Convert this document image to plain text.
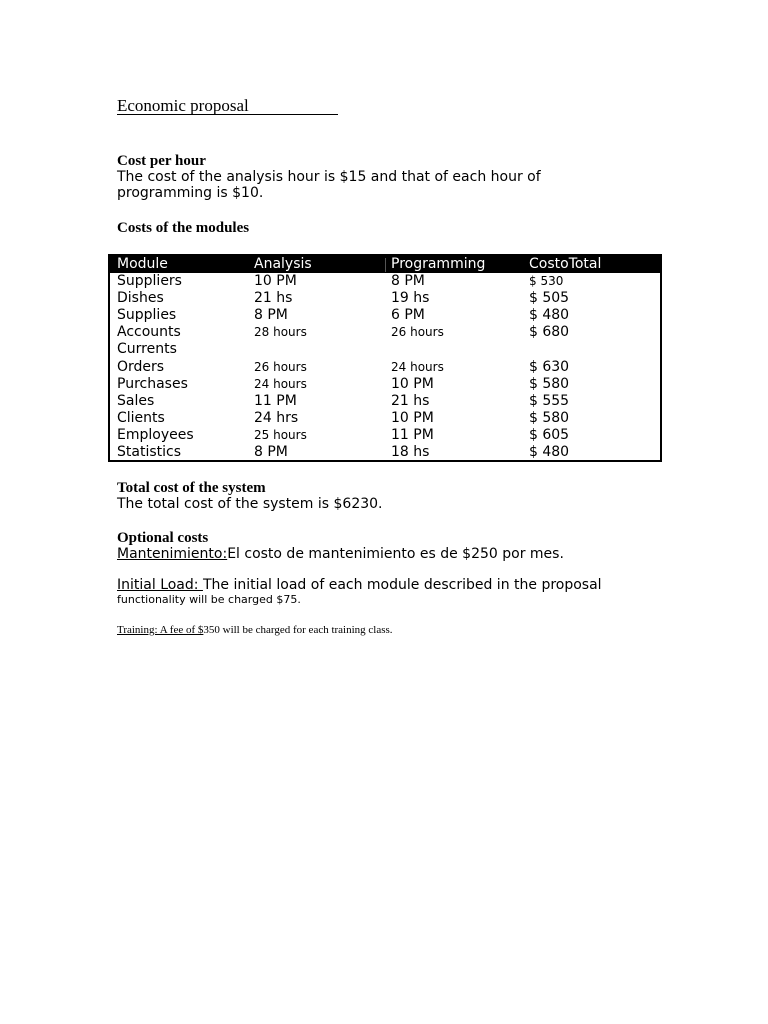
Economic proposal
Cost per hour
The cost of the analysis hour is $15 and that of each hour of
programming is $10.
Costs of the modules
Module	Analysis	Programming	CostoTotal
Suppliers	10 PM	8 PM	$ 530
Dishes	21 hs	19 hs	$ 505
Supplies	8 PM	6 PM	$ 480
Accounts	28 hours	26 hours	$ 680
Currents
Orders	26 hours	24 hours	$ 630
Purchases	24 hours	10 PM	$ 580
Sales	11 PM	21 hs	$ 555
Clients	24 hrs	10 PM	$ 580
Employees	25 hours	11 PM	$ 605
Statistics	8 PM	18 hs	$ 480
Total cost of the system
The total cost of the system is $6230.
Optional costs
Mantenimiento:El costo de mantenimiento es de $250 por mes.
Initial Load: The initial load of each module described in the proposal
functionality will be charged $75.
Training: A fee of $350 will be charged for each training class.
